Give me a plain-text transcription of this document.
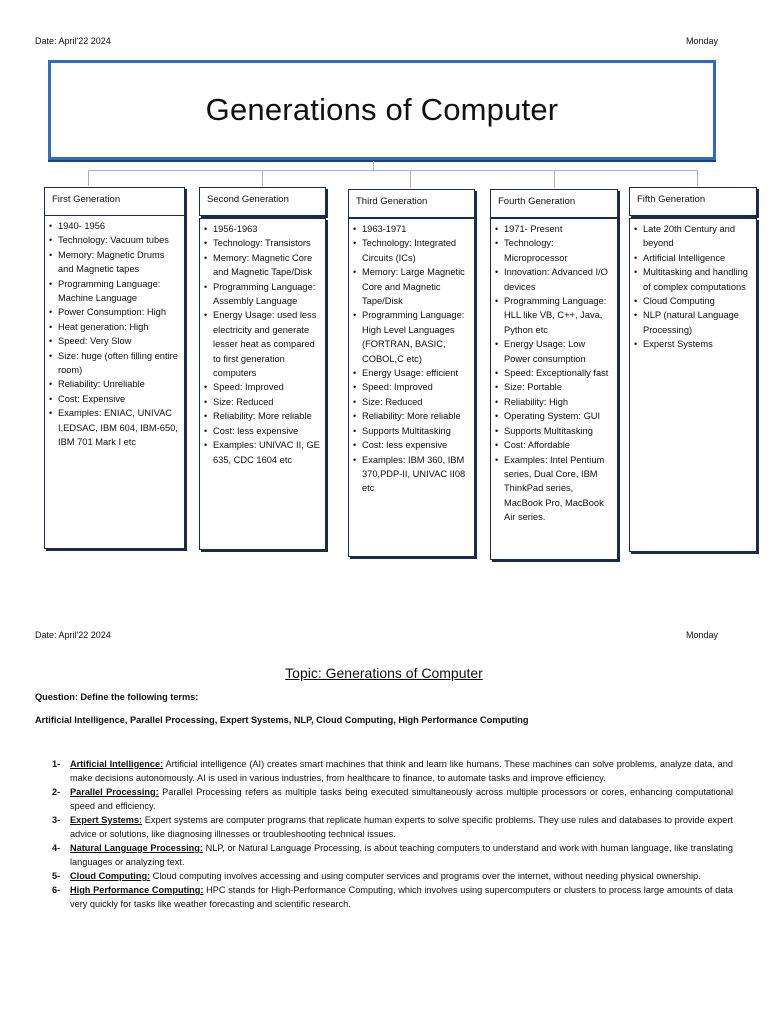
Date: April'22 2024	Monday
Generations of Computer
First Generation
• 1940- 1956
• Technology: Vacuum tubes
• Memory: Magnetic Drums and Magnetic tapes
• Programming Language: Machine Language
• Power Consumption: High
• Heat generation: High
• Speed: Very Slow
• Size: huge (often filling entire room)
• Reliability: Unreliable
• Cost: Expensive
• Examples: ENIAC, UNIVAC I,EDSAC, IBM 604, IBM-650, IBM 701 Mark I etc
Second Generation
• 1956-1963
• Technology: Transistors
• Memory: Magnetic Core and Magnetic Tape/Disk
• Programming Language: Assembly Language
• Energy Usage: used less electricity and generate lesser heat as compared to first generation computers
• Speed: Improved
• Size: Reduced
• Reliability: More reliable
• Cost: less expensive
• Examples: UNIVAC II, GE 635, CDC 1604 etc
Third Generation
• 1963-1971
• Technology: Integrated Circuits (ICs)
• Memory: Large Magnetic Core and Magnetic Tape/Disk
• Programming Language: High Level Languages (FORTRAN, BASIC, COBOL,C etc)
• Energy Usage: efficient
• Speed: Improved
• Size: Reduced
• Reliability: More reliable
• Supports Multitasking
• Cost: less expensive
• Examples: IBM 360, IBM 370,PDP-II, UNIVAC II08 etc
Fourth Generation
• 1971- Present
• Technology: Microprocessor
• Innovation: Advanced I/O devices
• Programming Language: HLL like VB, C++, Java, Python etc
• Energy Usage: Low Power consumption
• Speed: Exceptionally fast
• Size: Portable
• Reliability: High
• Operating System: GUI
• Supports Multitasking
• Cost: Affordable
• Examples: Intel Pentium series, Dual Core, IBM ThinkPad series, MacBook Pro, MacBook Air series.
Fifth Generation
• Late 20th Century and beyond
• Artificial Intelligence
• Multitasking and handling of complex computations
• Cloud Computing
• NLP (natural Language Processing)
• Experst Systems
Date: April'22 2024	Monday
Topic: Generations of Computer
Question: Define the following terms:
Artificial Intelligence, Parallel Processing, Expert Systems, NLP, Cloud Computing, High Performance Computing
1-	Artificial Intelligence: Artificial intelligence (AI) creates smart machines that think and learn like humans. These machines can solve problems, analyze data, and make decisions autonomously. AI is used in various industries, from healthcare to finance, to automate tasks and improve efficiency.
2-	Parallel Processing: Parallel Processing refers as multiple tasks being executed simultaneously across multiple processors or cores, enhancing computational speed and efficiency.
3-	Expert Systems: Expert systems are computer programs that replicate human experts to solve specific problems. They use rules and databases to provide expert advice or solutions, like diagnosing illnesses or troubleshooting technical issues.
4-	Natural Language Processing: NLP, or Natural Language Processing, is about teaching computers to understand and work with human language, like translating languages or analyzing text.
5-	Cloud Computing: Cloud computing involves accessing and using computer services and programs over the internet, without needing physical ownership.
6-	High Performance Computing: HPC stands for High-Performance Computing, which involves using supercomputers or clusters to process large amounts of data very quickly for tasks like weather forecasting and scientific research.
